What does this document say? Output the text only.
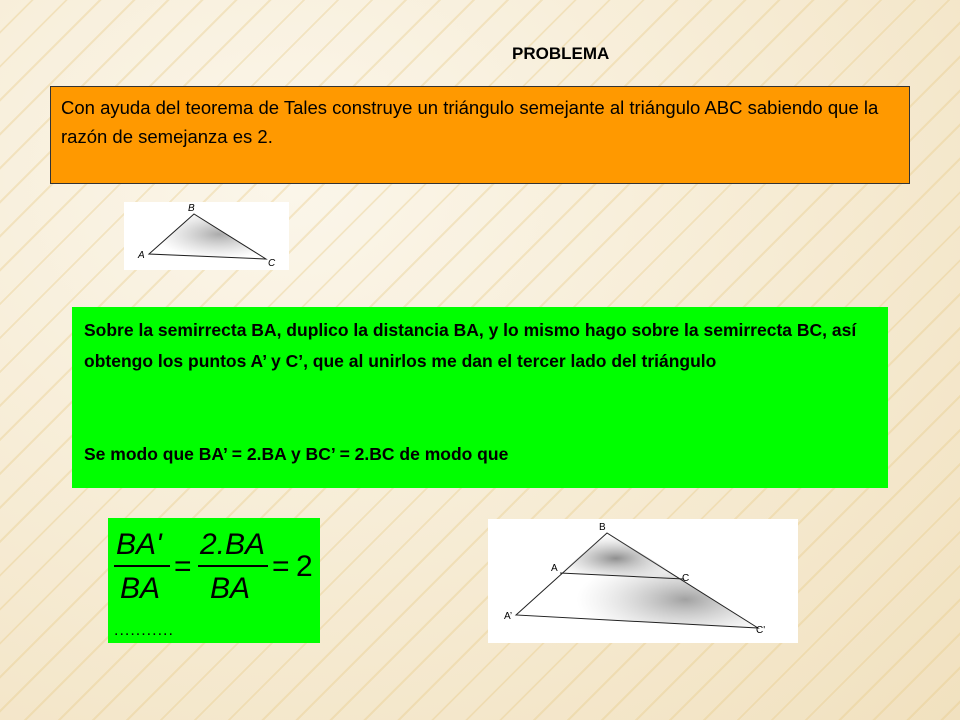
PROBLEMA
Con ayuda del teorema de Tales construye un triángulo semejante al triángulo ABC sabiendo que la razón de semejanza es 2.
B
A
C

Sobre la semirrecta BA, duplico la distancia BA, y lo mismo hago sobre la semirrecta BC, así obtengo los puntos A’ y C’, que al unirlos me dan el tercer lado del triángulo

Se modo que BA’ = 2.BA y BC’ = 2.BC de modo que

BA'
BA
=
2.BA
BA
= 2
...........
B
A
C
A’
C'
